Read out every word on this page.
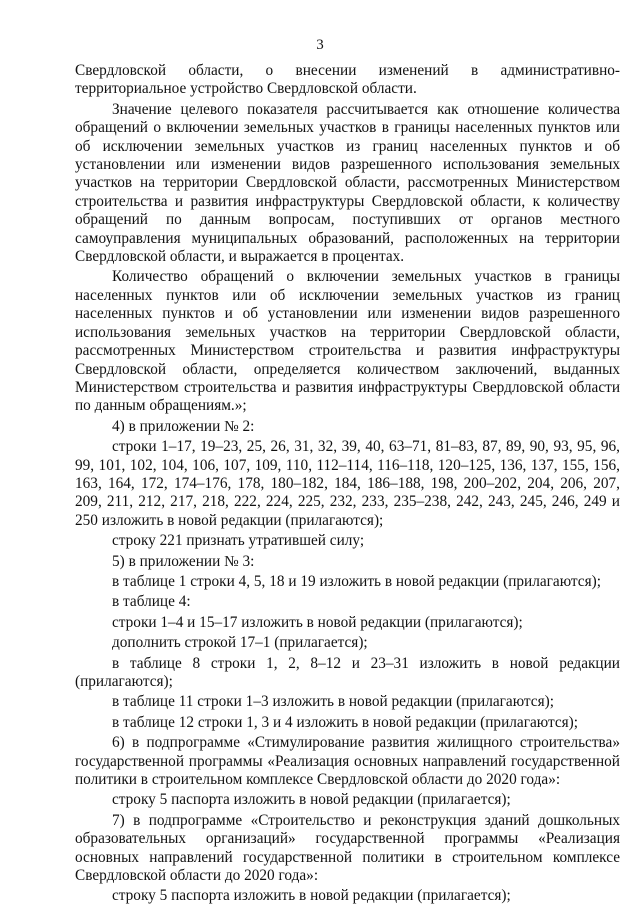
3

Свердловской области, о внесении изменений в административно-территориальное устройство Свердловской области.

Значение целевого показателя рассчитывается как отношение количества обращений о включении земельных участков в границы населенных пунктов или об исключении земельных участков из границ населенных пунктов и об установлении или изменении видов разрешенного использования земельных участков на территории Свердловской области, рассмотренных Министерством строительства и развития инфраструктуры Свердловской области, к количеству обращений по данным вопросам, поступивших от органов местного самоуправления муниципальных образований, расположенных на территории Свердловской области, и выражается в процентах.

Количество обращений о включении земельных участков в границы населенных пунктов или об исключении земельных участков из границ населенных пунктов и об установлении или изменении видов разрешенного использования земельных участков на территории Свердловской области, рассмотренных Министерством строительства и развития инфраструктуры Свердловской области, определяется количеством заключений, выданных Министерством строительства и развития инфраструктуры Свердловской области по данным обращениям.»;

4) в приложении № 2:

строки 1–17, 19–23, 25, 26, 31, 32, 39, 40, 63–71, 81–83, 87, 89, 90, 93, 95, 96, 99, 101, 102, 104, 106, 107, 109, 110, 112–114, 116–118, 120–125, 136, 137, 155, 156, 163, 164, 172, 174–176, 178, 180–182, 184, 186–188, 198, 200–202, 204, 206, 207, 209, 211, 212, 217, 218, 222, 224, 225, 232, 233, 235–238, 242, 243, 245, 246, 249 и 250 изложить в новой редакции (прилагаются);

строку 221 признать утратившей силу;

5) в приложении № 3:

в таблице 1 строки 4, 5, 18 и 19 изложить в новой редакции (прилагаются);

в таблице 4:

строки 1–4 и 15–17 изложить в новой редакции (прилагаются);

дополнить строкой 17–1 (прилагается);

в таблице 8 строки 1, 2, 8–12 и 23–31 изложить в новой редакции (прилагаются);

в таблице 11 строки 1–3 изложить в новой редакции (прилагаются);

в таблице 12 строки 1, 3 и 4 изложить в новой редакции (прилагаются);

6) в подпрограмме «Стимулирование развития жилищного строительства» государственной программы «Реализация основных направлений государственной политики в строительном комплексе Свердловской области до 2020 года»:

строку 5 паспорта изложить в новой редакции (прилагается);

7) в подпрограмме «Строительство и реконструкция зданий дошкольных образовательных организаций» государственной программы «Реализация основных направлений государственной политики в строительном комплексе Свердловской области до 2020 года»:

строку 5 паспорта изложить в новой редакции (прилагается);
